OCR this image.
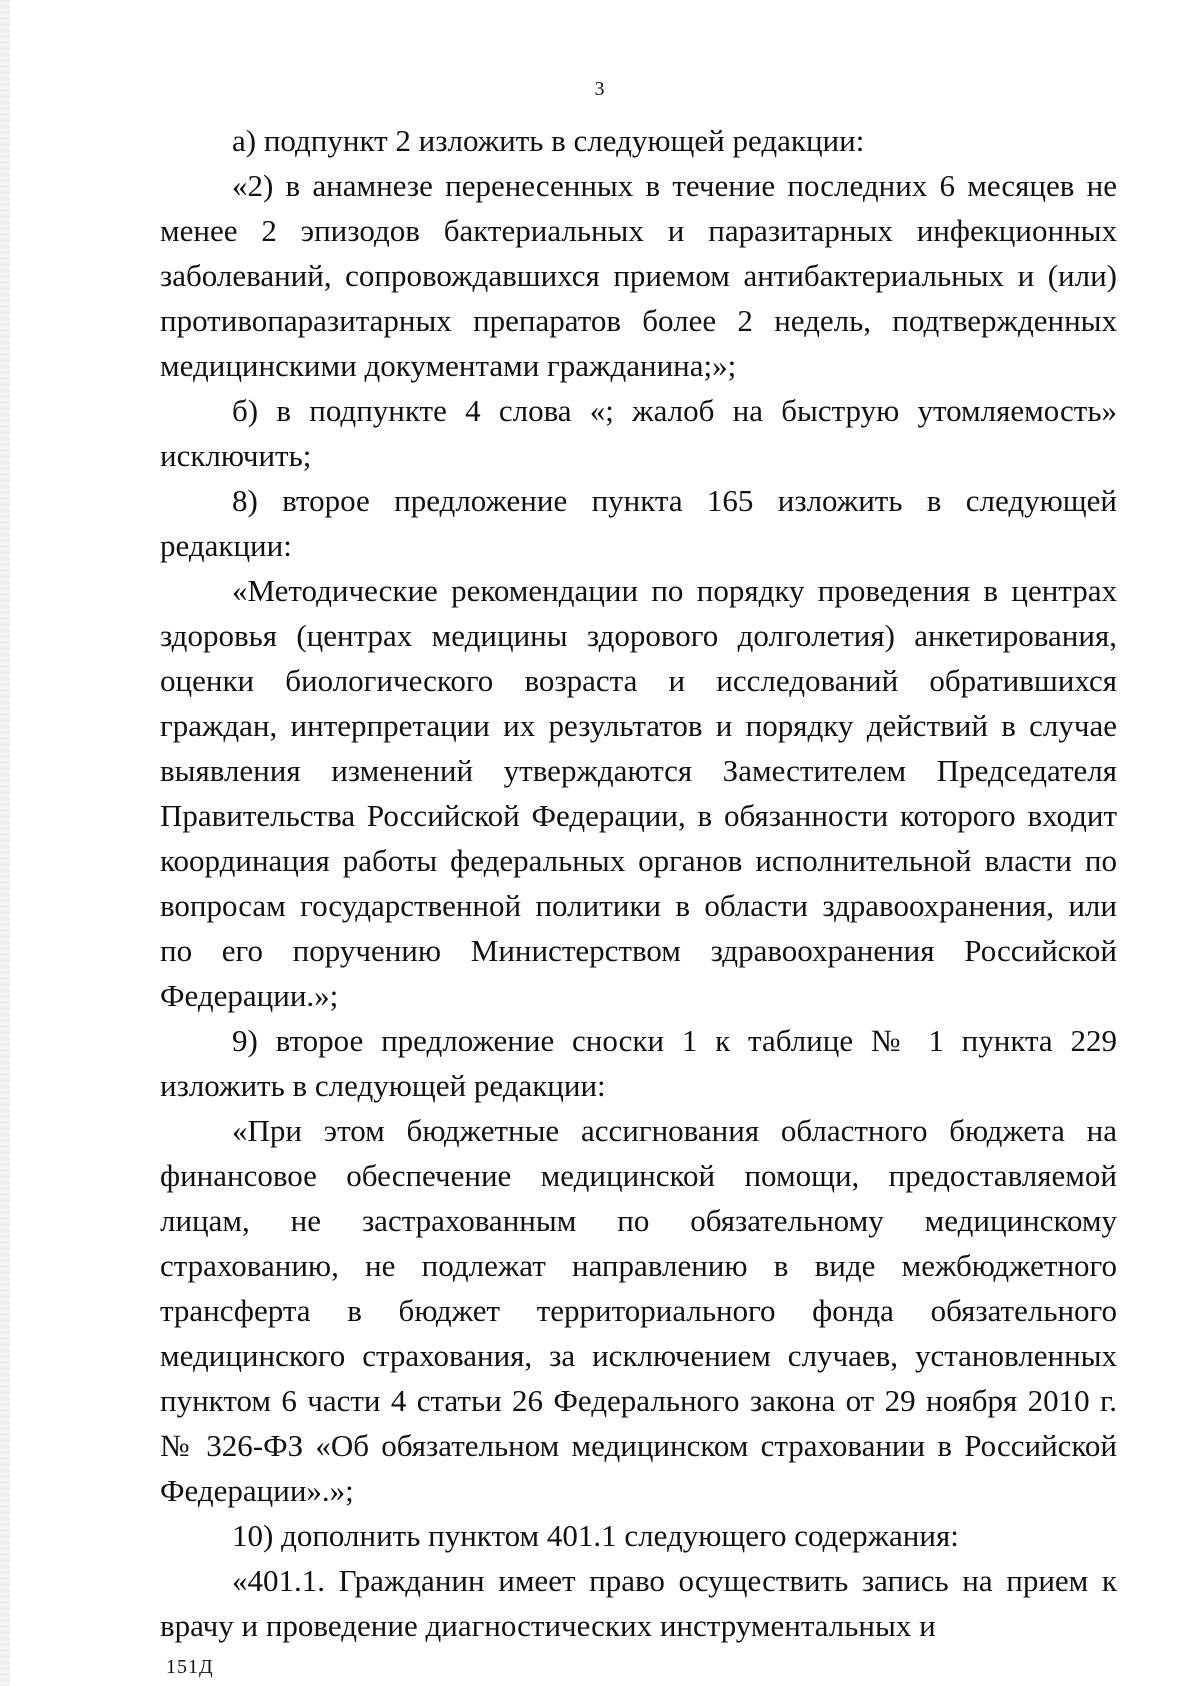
3

а) подпункт 2 изложить в следующей редакции:

«2) в анамнезе перенесенных в течение последних 6 месяцев не менее 2 эпизодов бактериальных и паразитарных инфекционных заболеваний, сопровождавшихся приемом антибактериальных и (или) противопаразитарных препаратов более 2 недель, подтвержденных медицинскими документами гражданина;»;

б) в подпункте 4 слова «; жалоб на быструю утомляемость» исключить;

8) второе предложение пункта 165 изложить в следующей редакции:

«Методические рекомендации по порядку проведения в центрах здоровья (центрах медицины здорового долголетия) анкетирования, оценки биологического возраста и исследований обратившихся граждан, интерпретации их результатов и порядку действий в случае выявления изменений утверждаются Заместителем Председателя Правительства Российской Федерации, в обязанности которого входит координация работы федеральных органов исполнительной власти по вопросам государственной политики в области здравоохранения, или по его поручению Министерством здравоохранения Российской Федерации.»;

9) второе предложение сноски 1 к таблице № 1 пункта 229 изложить в следующей редакции:

«При этом бюджетные ассигнования областного бюджета на финансовое обеспечение медицинской помощи, предоставляемой лицам, не застрахованным по обязательному медицинскому страхованию, не подлежат направлению в виде межбюджетного трансферта в бюджет территориального фонда обязательного медицинского страхования, за исключением случаев, установленных пунктом 6 части 4 статьи 26 Федерального закона от 29 ноября 2010 г. № 326-ФЗ «Об обязательном медицинском страховании в Российской Федерации».»;

10) дополнить пунктом 401.1 следующего содержания:

«401.1. Гражданин имеет право осуществить запись на прием к врачу и проведение диагностических инструментальных и

151Д
